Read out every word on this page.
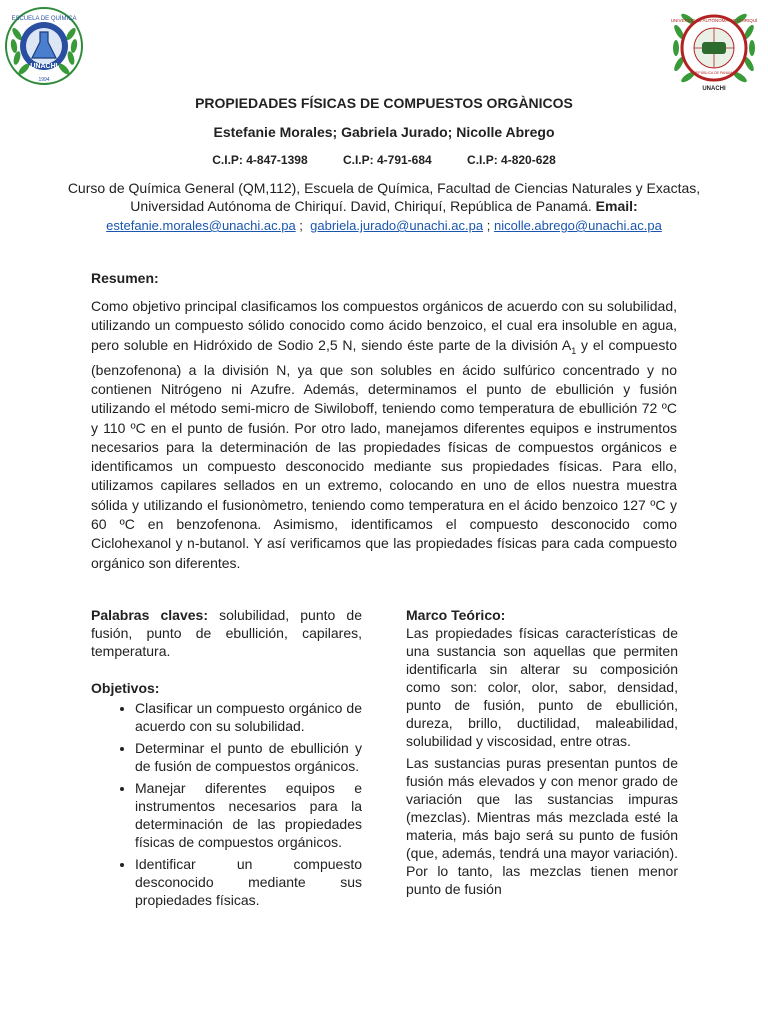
ESCUELA DE QUÍMICA
UNACHI
1994
UNIVERSIDAD AUTÓNOMA DE CHIRIQUÍ
REPÚBLICA DE PANAMÁ
UNACHI
PROPIEDADES FÍSICAS DE COMPUESTOS ORGÀNICOS
Estefanie Morales; Gabriela Jurado; Nicolle Abrego
C.I.P: 4-847-1398	C.I.P: 4-791-684	C.I.P: 4-820-628
Curso de Química General (QM,112), Escuela de Química, Facultad de Ciencias Naturales y Exactas, Universidad Autónoma de Chiriquí. David, Chiriquí, República de Panamá. Email:
estefanie.morales@unachi.ac.pa ; gabriela.jurado@unachi.ac.pa ; nicolle.abrego@unachi.ac.pa
Resumen:
Como objetivo principal clasificamos los compuestos orgánicos de acuerdo con su solubilidad, utilizando un compuesto sólido conocido como ácido benzoico, el cual era insoluble en agua, pero soluble en Hidróxido de Sodio 2,5 N, siendo éste parte de la división $A_1$ y el compuesto (benzofenona) a la división N, ya que son solubles en ácido sulfúrico concentrado y no contienen Nitrógeno ni Azufre. Además, determinamos el punto de ebullición y fusión utilizando el método semi-micro de Siwiloboff, teniendo como temperatura de ebullición 72 ºC y 110 ºC en el punto de fusión. Por otro lado, manejamos diferentes equipos e instrumentos necesarios para la determinación de las propiedades físicas de compuestos orgánicos e identificamos un compuesto desconocido mediante sus propiedades físicas. Para ello, utilizamos capilares sellados en un extremo, colocando en uno de ellos nuestra muestra sólida y utilizando el fusionòmetro, teniendo como temperatura en el ácido benzoico 127 ºC y 60 ºC en benzofenona. Asimismo, identificamos el compuesto desconocido como Ciclohexanol y n-butanol. Y así verificamos que las propiedades físicas para cada compuesto orgánico son diferentes.
Palabras claves: solubilidad, punto de fusión, punto de ebullición, capilares, temperatura.
Objetivos:
• Clasificar un compuesto orgánico de acuerdo con su solubilidad.
• Determinar el punto de ebullición y de fusión de compuestos orgánicos.
• Manejar diferentes equipos e instrumentos necesarios para la determinación de las propiedades físicas de compuestos orgánicos.
• Identificar un compuesto desconocido mediante sus propiedades físicas.
Marco Teórico:

Las propiedades físicas características de una sustancia son aquellas que permiten identificarla sin alterar su composición como son: color, olor, sabor, densidad, punto de fusión, punto de ebullición, dureza, brillo, ductilidad, maleabilidad, solubilidad y viscosidad, entre otras.

Las sustancias puras presentan puntos de fusión más elevados y con menor grado de variación que las sustancias impuras (mezclas). Mientras más mezclada esté la materia, más bajo será su punto de fusión (que, además, tendrá una mayor variación). Por lo tanto, las mezclas tienen menor punto de fusión
